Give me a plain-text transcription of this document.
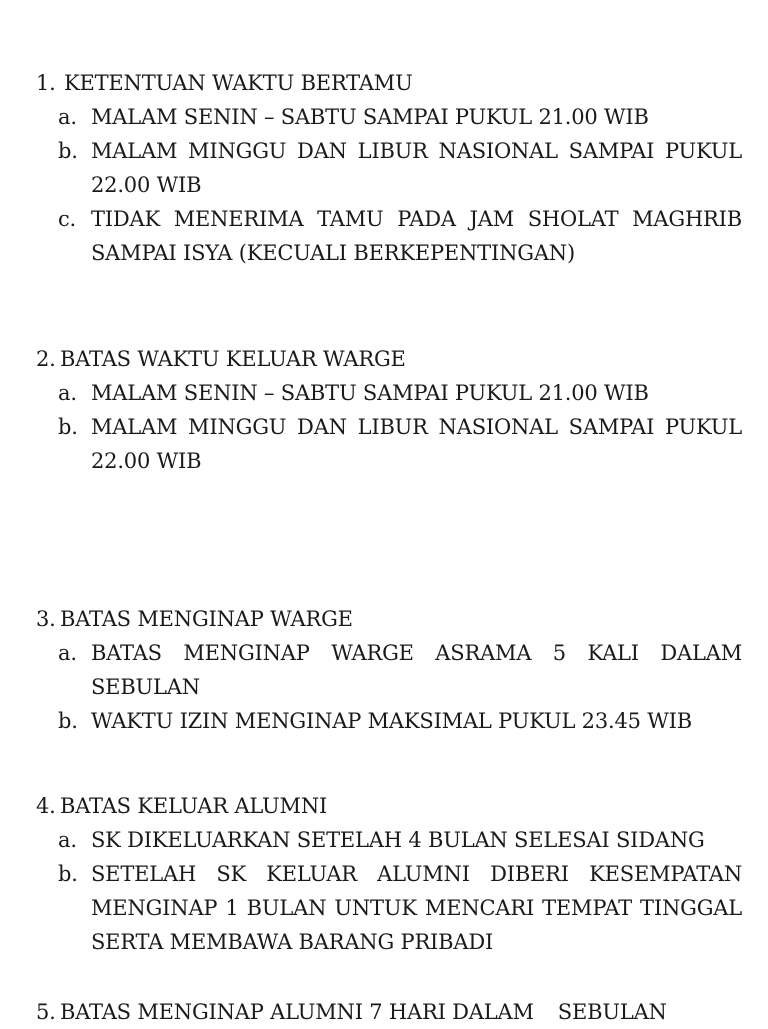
1. KETENTUAN WAKTU BERTAMU
a. MALAM SENIN – SABTU SAMPAI PUKUL 21.00 WIB
b. MALAM MINGGU DAN LIBUR NASIONAL SAMPAI PUKUL 22.00 WIB
c. TIDAK MENERIMA TAMU PADA JAM SHOLAT MAGHRIB SAMPAI ISYA (KECUALI BERKEPENTINGAN)
2. BATAS WAKTU KELUAR WARGE
a. MALAM SENIN – SABTU SAMPAI PUKUL 21.00 WIB
b. MALAM MINGGU DAN LIBUR NASIONAL SAMPAI PUKUL 22.00 WIB
3. BATAS MENGINAP WARGE
a. BATAS MENGINAP WARGE ASRAMA 5 KALI DALAM SEBULAN
b. WAKTU IZIN MENGINAP MAKSIMAL PUKUL 23.45 WIB
4. BATAS KELUAR ALUMNI
a. SK DIKELUARKAN SETELAH 4 BULAN SELESAI SIDANG
b. SETELAH SK KELUAR ALUMNI DIBERI KESEMPATAN MENGINAP 1 BULAN UNTUK MENCARI TEMPAT TINGGAL SERTA MEMBAWA BARANG PRIBADI
5. BATAS MENGINAP ALUMNI 7 HARI DALAM SEBULAN
